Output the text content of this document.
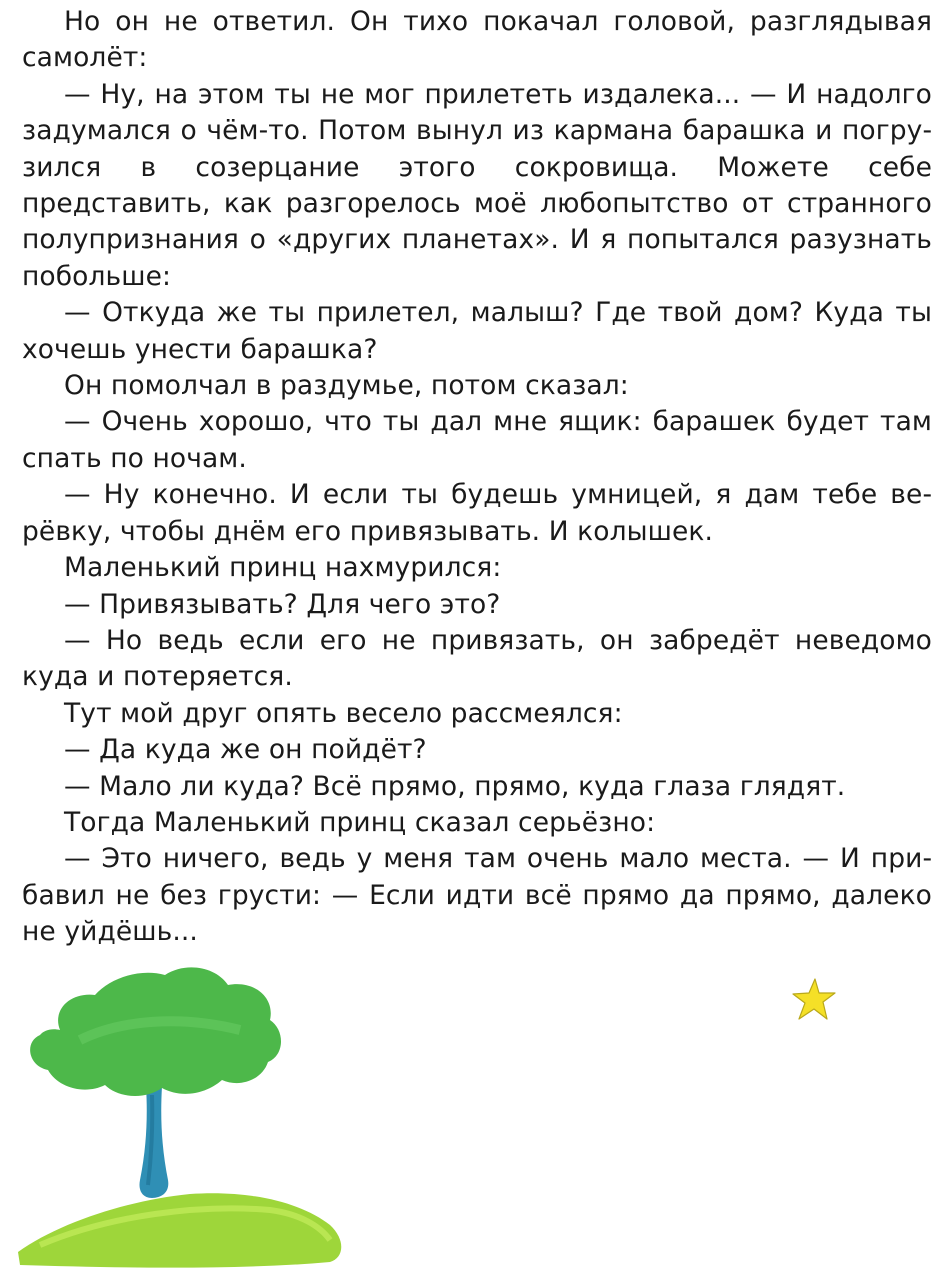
Но он не ответил. Он тихо покачал головой, разглядывая самолёт:

— Ну, на этом ты не мог прилететь издалека... — И надолго задумался о чём-то. Потом вынул из кармана барашка и погрузился в созерцание этого сокровища. Можете себе представить, как разгорелось моё любопытство от странного полупризнания о «других планетах». И я попытался разузнать побольше:

— Откуда же ты прилетел, малыш? Где твой дом? Куда ты хочешь унести барашка?

Он помолчал в раздумье, потом сказал:

— Очень хорошо, что ты дал мне ящик: барашек будет там спать по ночам.

— Ну конечно. И если ты будешь умницей, я дам тебе верёвку, чтобы днём его привязывать. И колышек.

Маленький принц нахмурился:

— Привязывать? Для чего это?

— Но ведь если его не привязать, он забредёт неведомо куда и потеряется.

Тут мой друг опять весело рассмеялся:

— Да куда же он пойдёт?

— Мало ли куда? Всё прямо, прямо, куда глаза глядят.

Тогда Маленький принц сказал серьёзно:

— Это ничего, ведь у меня там очень мало места. — И прибавил не без грусти: — Если идти всё прямо да прямо, далеко не уйдёшь...
